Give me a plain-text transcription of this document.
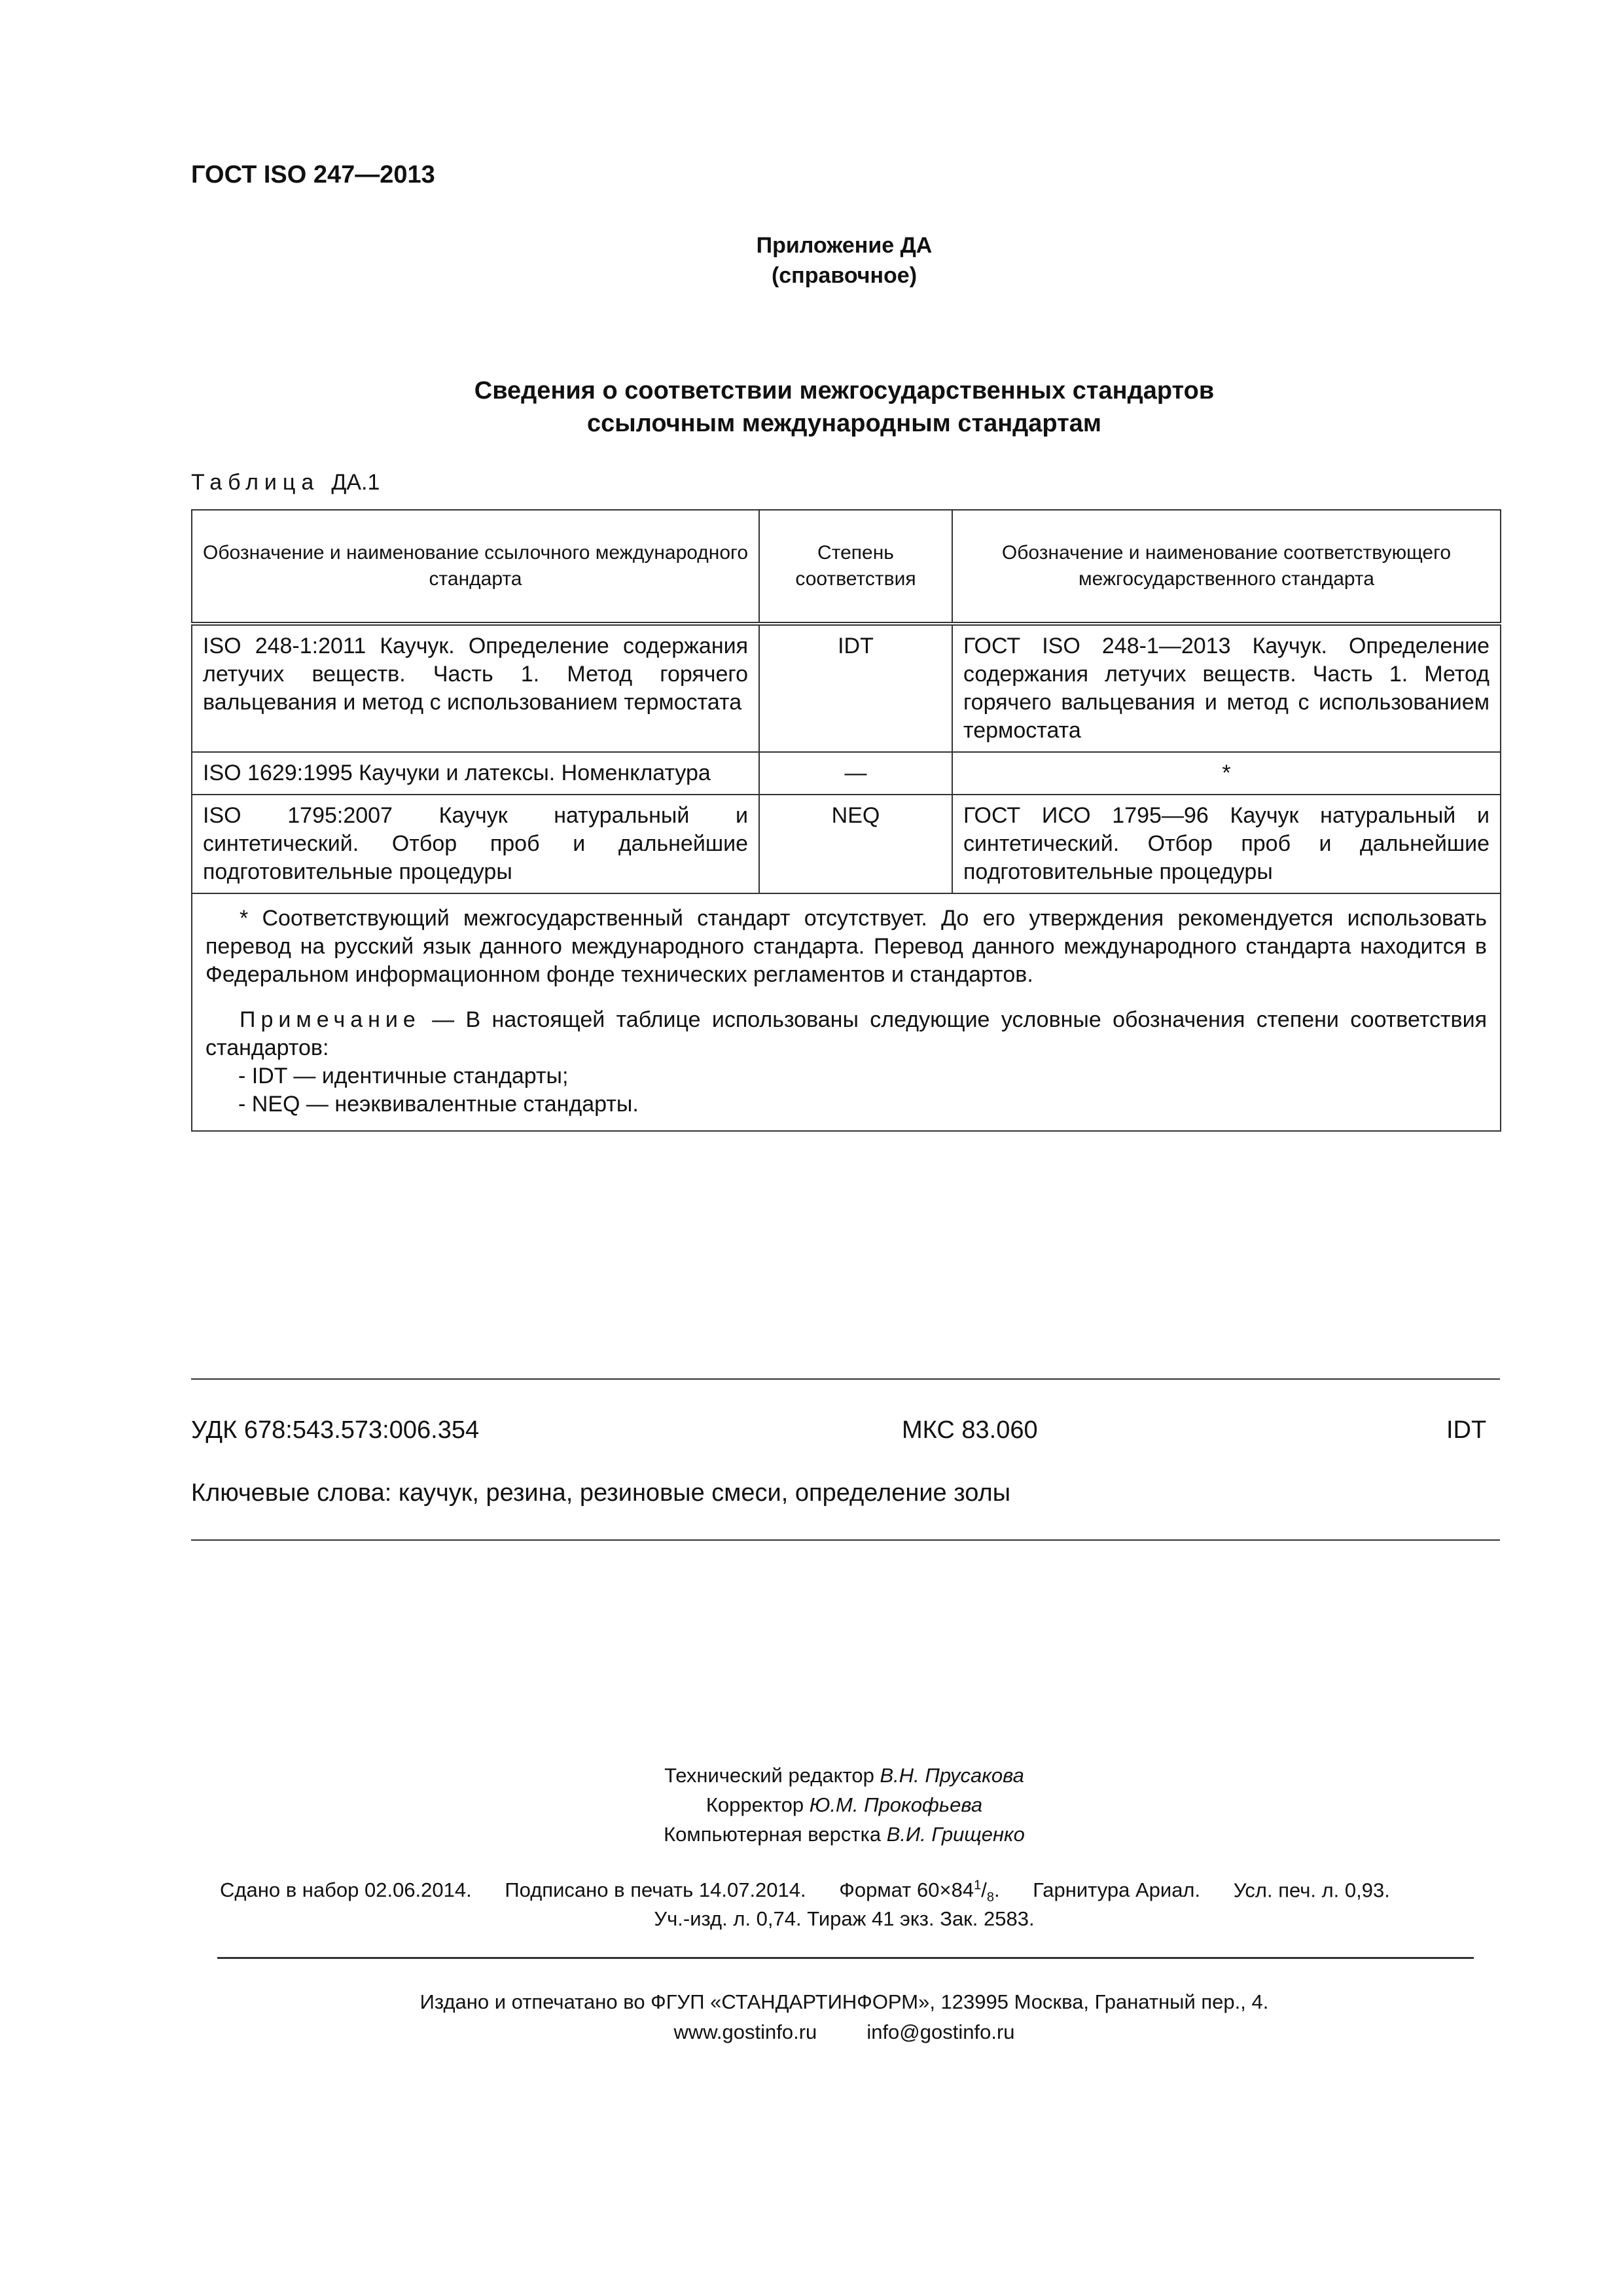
ГОСТ ISO 247—2013
Приложение ДА
(справочное)
Сведения о соответствии межгосударственных стандартов
ссылочным международным стандартам
Таблица ДА.1
Обозначение и наименование ссылочного международного стандарта	Степень соответствия	Обозначение и наименование соответствующего межгосударственного стандарта
ISO 248-1:2011 Каучук. Определение содержания летучих веществ. Часть 1. Метод горячего вальцевания и метод с использованием термостата	IDT	ГОСТ ISO 248-1—2013 Каучук. Определение содержания летучих веществ. Часть 1. Метод горячего вальцевания и метод с использованием термостата
ISO 1629:1995 Каучуки и латексы. Номенклатура	—	*
ISO 1795:2007 Каучук натуральный и синтетический. Отбор проб и дальнейшие подготовительные процедуры	NEQ	ГОСТ ИСО 1795—96 Каучук натуральный и синтетический. Отбор проб и дальнейшие подготовительные процедуры

* Соответствующий межгосударственный стандарт отсутствует. До его утверждения рекомендуется использовать перевод на русский язык данного международного стандарта. Перевод данного международного стандарта находится в Федеральном информационном фонде технических регламентов и стандартов.

Примечание — В настоящей таблице использованы следующие условные обозначения степени соответствия стандартов:

- IDT — идентичные стандарты;

- NEQ — неэквивалентные стандарты.		

УДК 678:543.573:006.354	МКС 83.060	IDT
Ключевые слова: каучук, резина, резиновые смеси, определение золы
Технический редактор В.Н. Прусакова
Корректор Ю.М. Прокофьева
Компьютерная верстка В.И. Грищенко
Сдано в набор 02.06.2014. Подписано в печать 14.07.2014. Формат $60\times 84^1/_8$. Гарнитура Ариал. Усл. печ. л. 0,93.
Уч.-изд. л. 0,74. Тираж 41 экз. Зак. 2583.
Издано и отпечатано во ФГУП «СТАНДАРТИНФОРМ», 123995 Москва, Гранатный пер., 4.
www.gostinfo.ru info@gostinfo.ru
